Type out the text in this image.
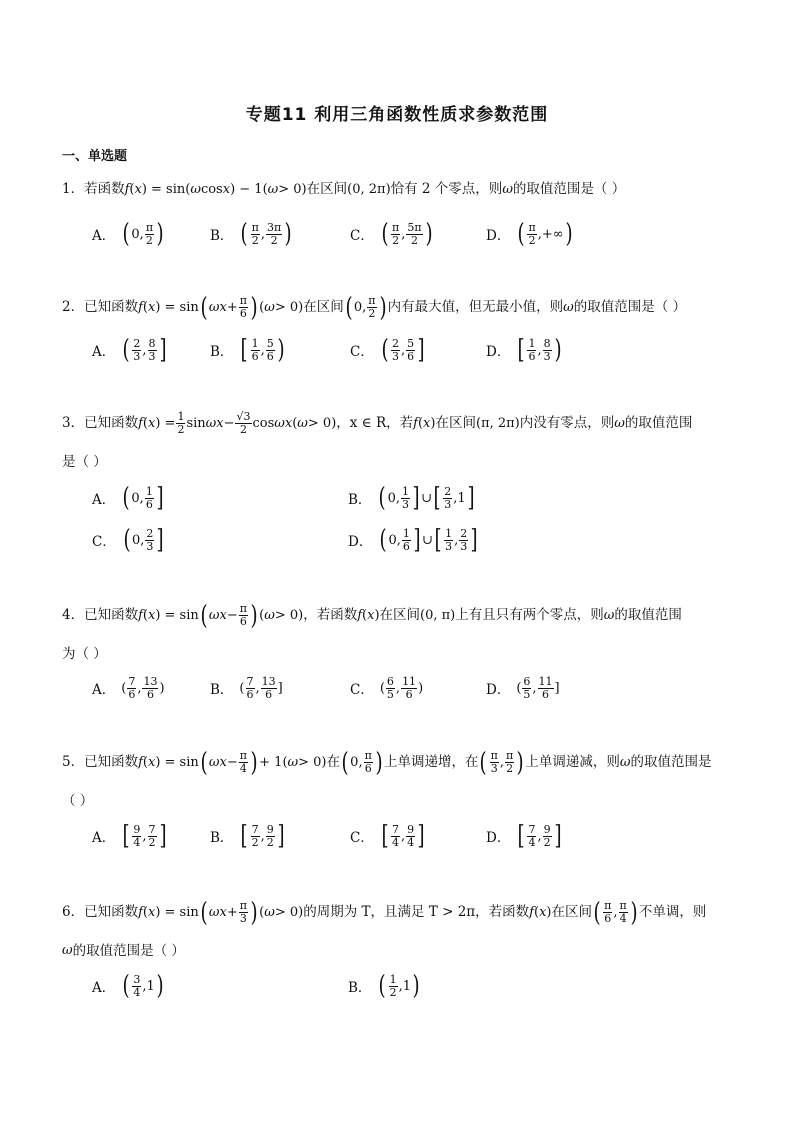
专题11 利用三角函数性质求参数范围
一、单选题
1．若函数 f ( x ) = sin( ω cos x ) − 1( ω > 0)在区间(0, 2π)恰有 2 个零点，则ω的取值范围是（ ）
A． ( 0, $\frac{\pi}{2}$ )	B． ( $\frac{\pi}{2}$ , $\frac{3\pi}{2}$ )	C． ( $\frac{\pi}{2}$ , $\frac{5\pi}{2}$ )	D． ( $\frac{\pi}{2}$ ,+∞ )
2．已知函数 f ( x ) = sin ( $\omega x + \frac{\pi}{6}$ ) ( ω > 0)在区间 ( 0, $\frac{\pi}{2}$ ) 内有最大值，但无最小值，则ω的取值范围是（ ）
A． ( $\frac{2}{3}$ , $\frac{8}{3}$ ]	B． [ $\frac{1}{6}$ , $\frac{5}{6}$ )	C． ( $\frac{2}{3}$ , $\frac{5}{6}$ ]	D． [ $\frac{1}{6}$ , $\frac{8}{3}$ )
3．已知函数 f ( x ) = $\frac{1}{2}$ $\sin \omega x - \frac{√3}{2}$ cos ωx ( ω > 0)，x ∈ R，若 f ( x )在区间(π, 2π)内没有零点，则ω的取值范围
是（ ）
A． ( 0, $\frac{1}{6}$ ]	B． ( 0, $\frac{1}{3}$ ] ∪ [ $\frac{2}{3} ,1$ ]
C． ( 0, $\frac{2}{3}$ ]	D． ( 0, $\frac{1}{6}$ ] ∪ [ $\frac{1}{3}$ , $\frac{2}{3}$ ]
4．已知函数 f ( x ) = sin ( $\omega x - \frac{\pi}{6}$ ) ( ω > 0)，若函数 f ( x )在区间(0, π)上有且只有两个零点，则ω的取值范围
为（ ）
A． ( $\frac{7}{6}$ , $\frac{13}{6}$ )	B． ( $\frac{7}{6}$ , $\frac{13}{6}$ ]	C． ( $\frac{6}{5}$ , $\frac{11}{6}$ )	D． ( $\frac{6}{5}$ , $\frac{11}{6}$ ]
5．已知函数 f ( x ) = sin ( $\omega x - \frac{\pi}{4}$ ) + 1( ω > 0)在 ( 0, $\frac{\pi}{6}$ ) 上单调递增，在 ( $\frac{\pi}{3}$ , $\frac{\pi}{2}$ ) 上单调递减，则ω的取值范围是
（ ）
A． [ $\frac{9}{4}$ , $\frac{7}{2}$ ]	B． [ $\frac{7}{2}$ , $\frac{9}{2}$ ]	C． [ $\frac{7}{4}$ , $\frac{9}{4}$ ]	D． [ $\frac{7}{4}$ , $\frac{9}{2}$ ]
6．已知函数 f ( x ) = sin ( $\omega x + \frac{\pi}{3}$ ) ( ω > 0)的周期为 T，且满足 T > 2π，若函数 f ( x )在区间 ( $\frac{\pi}{6}$ , $\frac{\pi}{4}$ ) 不单调，则
ω的取值范围是（ ）
A． ( $\frac{3}{4} ,1$ )	B． ( $\frac{1}{2} ,1$ )
